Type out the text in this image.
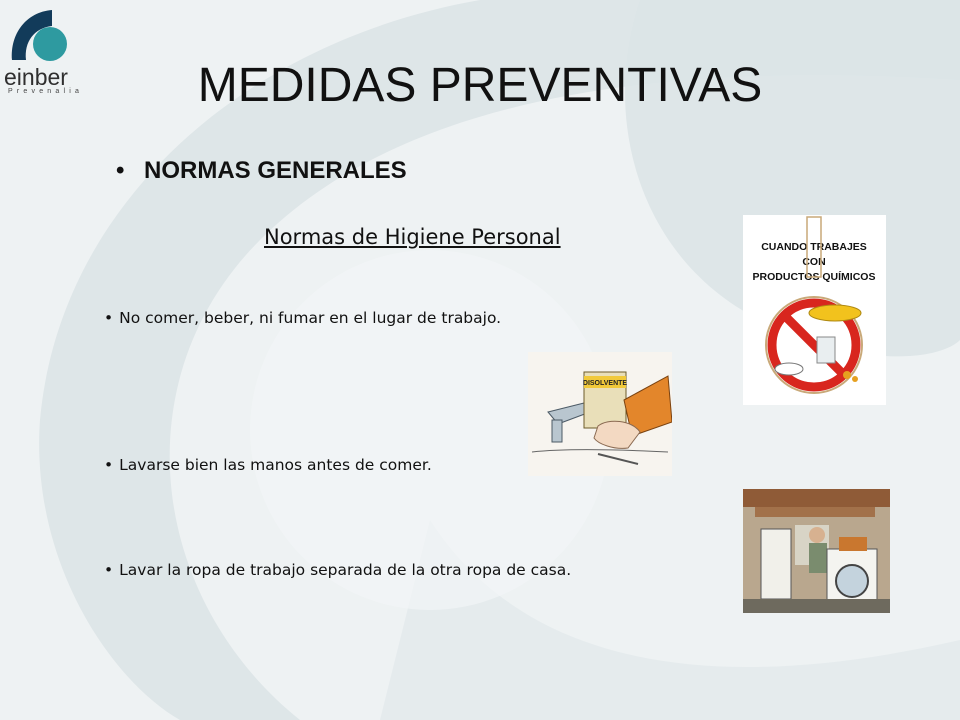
einber
Prevenalia	MEDIDAS PREVENTIVAS
• NORMAS GENERALES
Normas de Higiene Personal
• No comer, beber, ni fumar en el lugar de trabajo.
• Lavarse bien las manos antes de comer.
• Lavar la ropa de trabajo separada de la otra ropa de casa.
CUANDO TRABAJES
CON
PRODUCTOS QUÍMICOS
DISOLVENTE
